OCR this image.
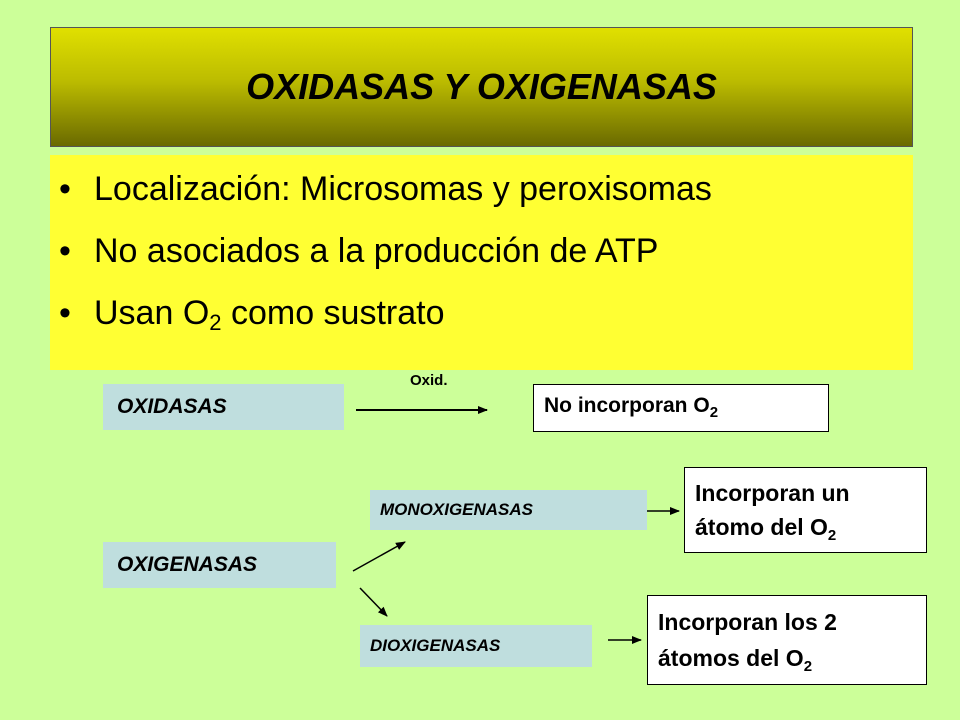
OXIDASAS Y OXIGENASAS
• Localización: Microsomas y peroxisomas
• No asociados a la producción de ATP
• Usan $O_2$ como sustrato
OXIDASAS
Oxid.
No incorporan $O_2$
OXIGENASAS
MONOXIGENASAS
Incorporan un
átomo del $O_2$
DIOXIGENASAS
Incorporan los 2
átomos del $O_2$
